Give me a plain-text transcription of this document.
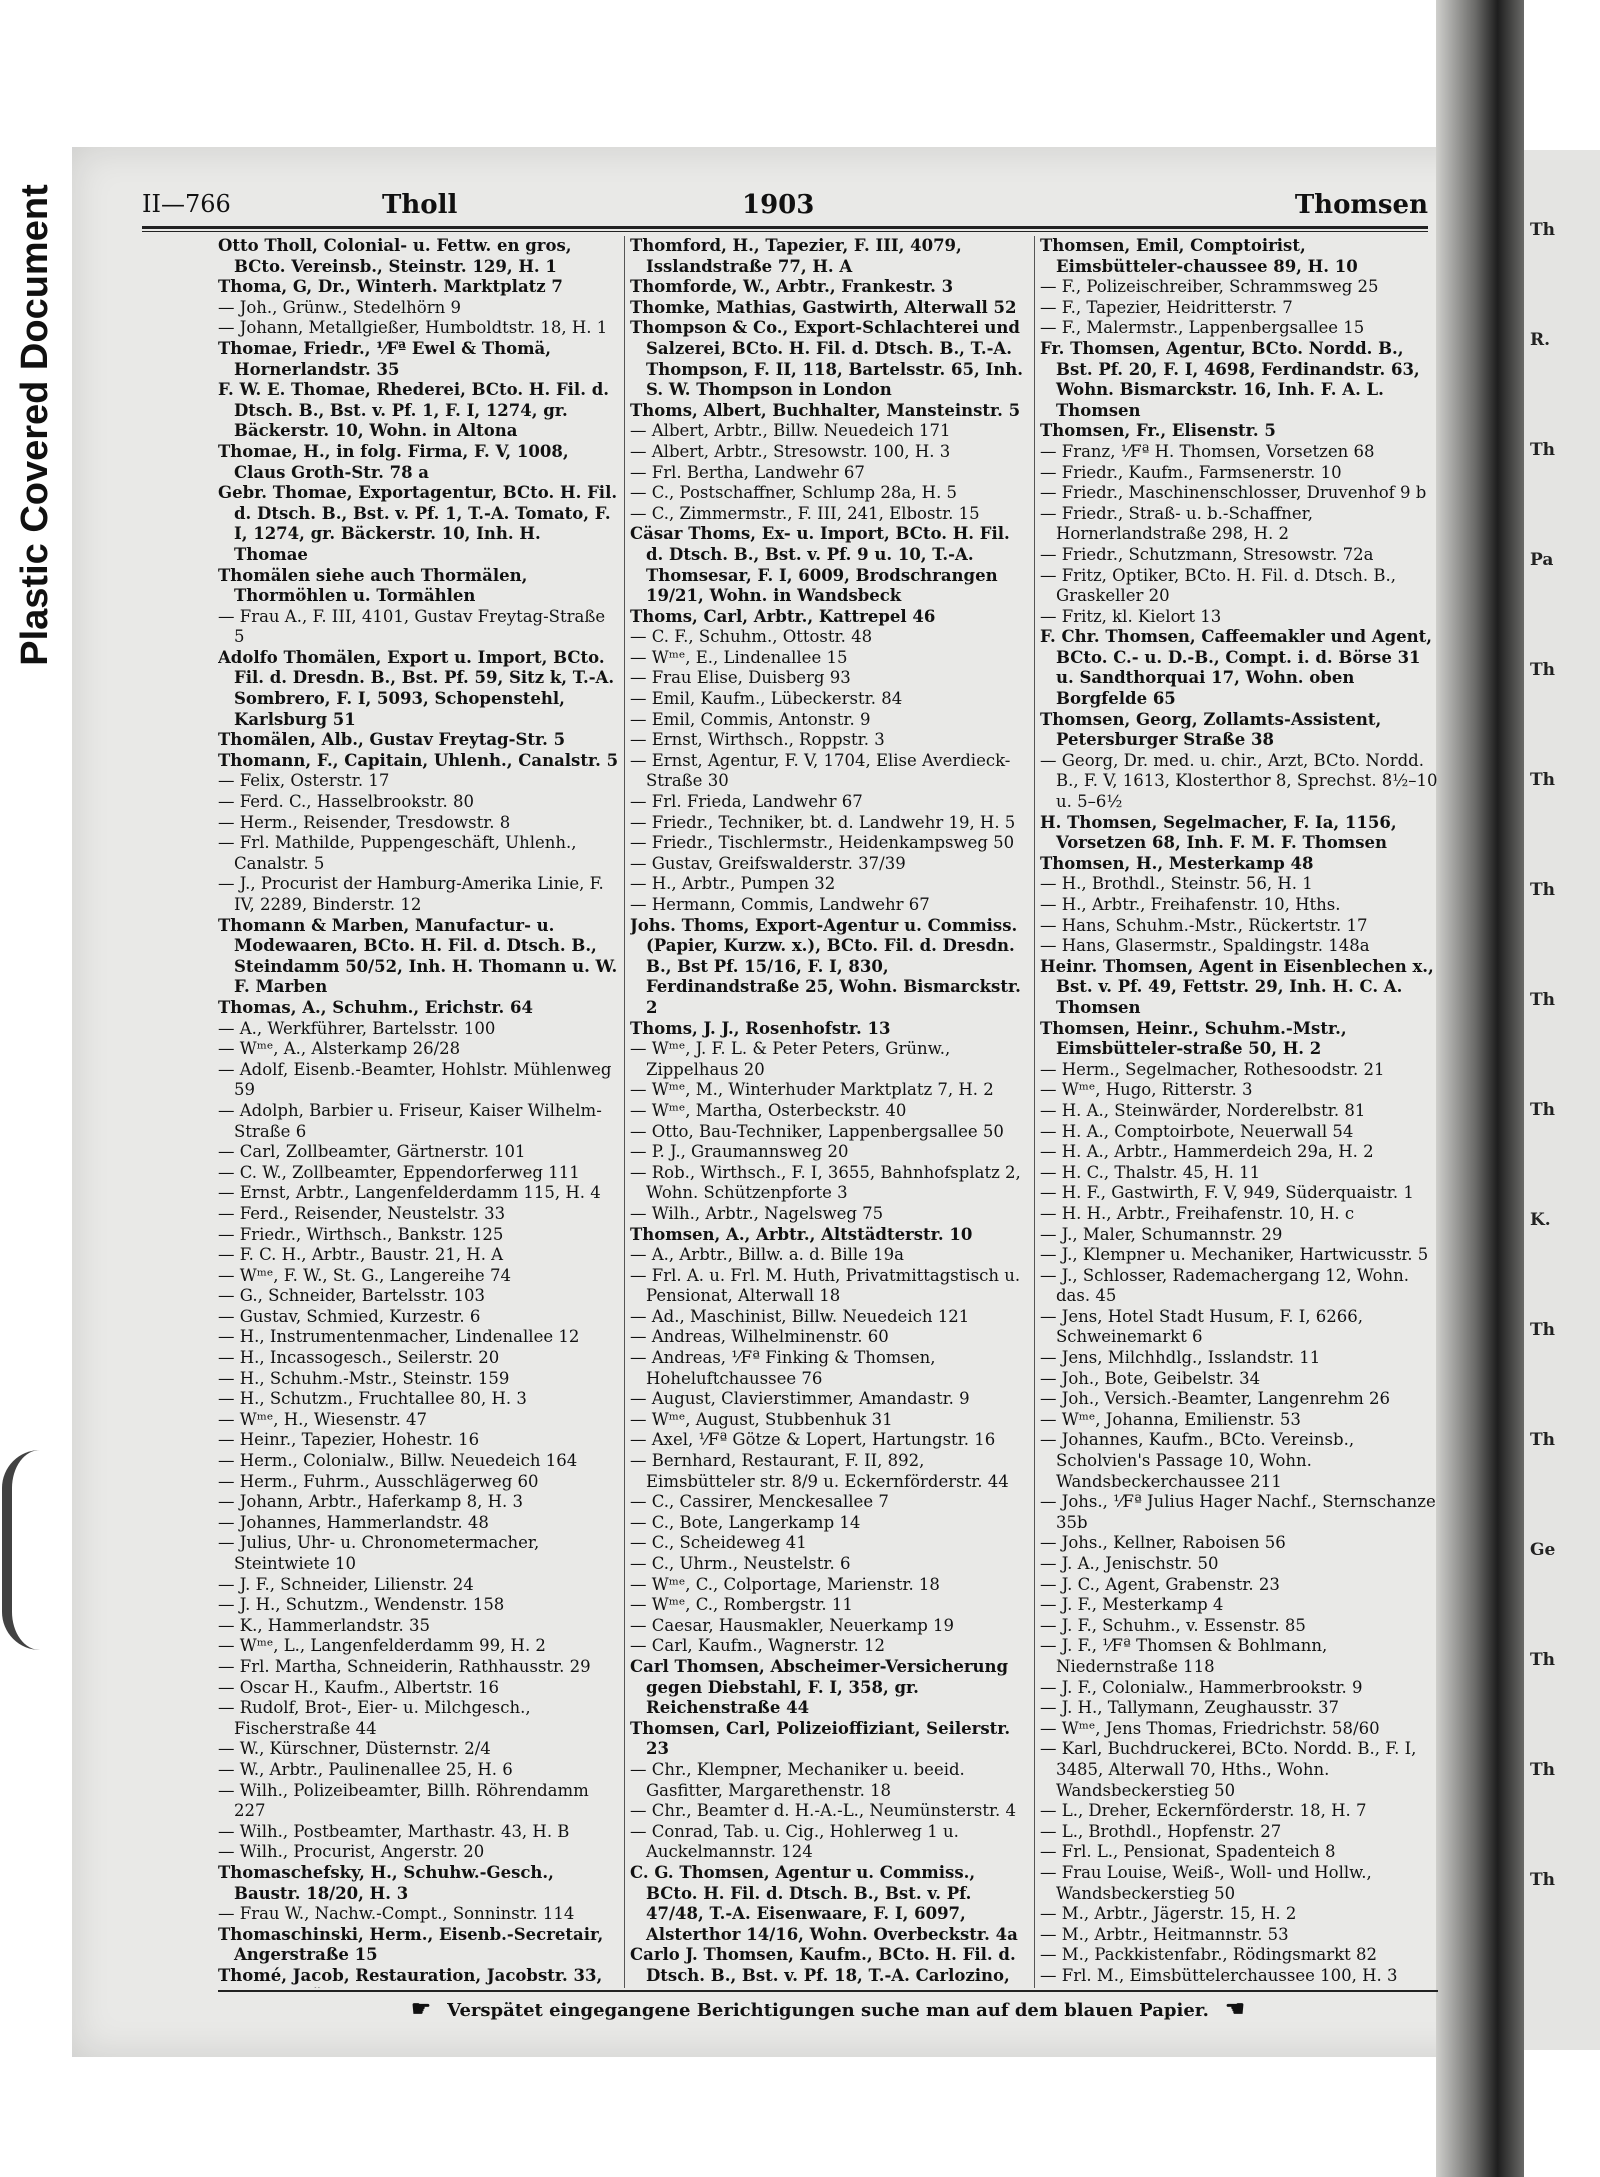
Plastic Covered Document	Th
R.
Th
Pa
Th
Th
Th
Th
Th
K.
Th
Th
Ge
Th
Th
Th
II—766	Tholl	1903	Thomsen

Otto Tholl, Colonial- u. Fettw. en gros, BCto. Vereinsb., Steinstr. 129, H. 1

Thoma, G, Dr., Winterh. Marktplatz 7

— Joh., Grünw., Stedelhörn 9

— Johann, Metallgießer, Humboldtstr. 18, H. 1

Thomae, Friedr., ⅟Fª Ewel & Thomä, Hornerlandstr. 35

F. W. E. Thomae, Rhederei, BCto. H. Fil. d. Dtsch. B., Bst. v. Pf. 1, F. I, 1274, gr. Bäckerstr. 10, Wohn. in Altona

Thomae, H., in folg. Firma, F. V, 1008, Claus Groth-Str. 78 a

Gebr. Thomae, Exportagentur, BCto. H. Fil. d. Dtsch. B., Bst. v. Pf. 1, T.-A. Tomato, F. I, 1274, gr. Bäckerstr. 10, Inh. H. Thomae

Thomälen siehe auch Thormälen, Thormöhlen u. Tormählen

— Frau A., F. III, 4101, Gustav Freytag-Straße 5

Adolfo Thomälen, Export u. Import, BCto. Fil. d. Dresdn. B., Bst. Pf. 59, Sitz k, T.-A. Sombrero, F. I, 5093, Schopenstehl, Karlsburg 51

Thomälen, Alb., Gustav Freytag-Str. 5

Thomann, F., Capitain, Uhlenh., Canalstr. 5

— Felix, Osterstr. 17

— Ferd. C., Hasselbrookstr. 80

— Herm., Reisender, Tresdowstr. 8

— Frl. Mathilde, Puppengeschäft, Uhlenh., Canalstr. 5

— J., Procurist der Hamburg-Amerika Linie, F. IV, 2289, Binderstr. 12

Thomann & Marben, Manufactur- u. Modewaaren, BCto. H. Fil. d. Dtsch. B., Steindamm 50/52, Inh. H. Thomann u. W. F. Marben

Thomas, A., Schuhm., Erichstr. 64

— A., Werkführer, Bartelsstr. 100

— Wᵐᵉ, A., Alsterkamp 26/28

— Adolf, Eisenb.-Beamter, Hohlstr. Mühlenweg 59

— Adolph, Barbier u. Friseur, Kaiser Wilhelm-Straße 6

— Carl, Zollbeamter, Gärtnerstr. 101

— C. W., Zollbeamter, Eppendorferweg 111

— Ernst, Arbtr., Langenfelderdamm 115, H. 4

— Ferd., Reisender, Neustelstr. 33

— Friedr., Wirthsch., Bankstr. 125

— F. C. H., Arbtr., Baustr. 21, H. A

— Wᵐᵉ, F. W., St. G., Langereihe 74

— G., Schneider, Bartelsstr. 103

— Gustav, Schmied, Kurzestr. 6

— H., Instrumentenmacher, Lindenallee 12

— H., Incassogesch., Seilerstr. 20

— H., Schuhm.-Mstr., Steinstr. 159

— H., Schutzm., Fruchtallee 80, H. 3

— Wᵐᵉ, H., Wiesenstr. 47

— Heinr., Tapezier, Hohestr. 16

— Herm., Colonialw., Billw. Neuedeich 164

— Herm., Fuhrm., Ausschlägerweg 60

— Johann, Arbtr., Haferkamp 8, H. 3

— Johannes, Hammerlandstr. 48

— Julius, Uhr- u. Chronometermacher, Steintwiete 10

— J. F., Schneider, Lilienstr. 24

— J. H., Schutzm., Wendenstr. 158

— K., Hammerlandstr. 35

— Wᵐᵉ, L., Langenfelderdamm 99, H. 2

— Frl. Martha, Schneiderin, Rathhausstr. 29

— Oscar H., Kaufm., Albertstr. 16

— Rudolf, Brot-, Eier- u. Milchgesch., Fischerstraße 44

— W., Kürschner, Düsternstr. 2/4

— W., Arbtr., Paulinenallee 25, H. 6

— Wilh., Polizeibeamter, Billh. Röhrendamm 227

— Wilh., Postbeamter, Marthastr. 43, H. B

— Wilh., Procurist, Angerstr. 20

Thomaschefsky, H., Schuhw.-Gesch., Baustr. 18/20, H. 3

— Frau W., Nachw.-Compt., Sonninstr. 114

Thomaschinski, Herm., Eisenb.-Secretair, Angerstraße 15

Thomé, Jacob, Restauration, Jacobstr. 33,

Thomford, H., Tapezier, F. III, 4079, Isslandstraße 77, H. A

Thomforde, W., Arbtr., Frankestr. 3

Thomke, Mathias, Gastwirth, Alterwall 52

Thompson & Co., Export-Schlachterei und Salzerei, BCto. H. Fil. d. Dtsch. B., T.-A. Thompson, F. II, 118, Bartelsstr. 65, Inh. S. W. Thompson in London

Thoms, Albert, Buchhalter, Mansteinstr. 5

— Albert, Arbtr., Billw. Neuedeich 171

— Albert, Arbtr., Stresowstr. 100, H. 3

— Frl. Bertha, Landwehr 67

— C., Postschaffner, Schlump 28a, H. 5

— C., Zimmermstr., F. III, 241, Elbostr. 15

Cäsar Thoms, Ex- u. Import, BCto. H. Fil. d. Dtsch. B., Bst. v. Pf. 9 u. 10, T.-A. Thomsesar, F. I, 6009, Brodschrangen 19/21, Wohn. in Wandsbeck

Thoms, Carl, Arbtr., Kattrepel 46

— C. F., Schuhm., Ottostr. 48

— Wᵐᵉ, E., Lindenallee 15

— Frau Elise, Duisberg 93

— Emil, Kaufm., Lübeckerstr. 84

— Emil, Commis, Antonstr. 9

— Ernst, Wirthsch., Roppstr. 3

— Ernst, Agentur, F. V, 1704, Elise Averdieck-Straße 30

— Frl. Frieda, Landwehr 67

— Friedr., Techniker, bt. d. Landwehr 19, H. 5

— Friedr., Tischlermstr., Heidenkampsweg 50

— Gustav, Greifswalderstr. 37/39

— H., Arbtr., Pumpen 32

— Hermann, Commis, Landwehr 67

Johs. Thoms, Export-Agentur u. Commiss. (Papier, Kurzw. x.), BCto. Fil. d. Dresdn. B., Bst Pf. 15/16, F. I, 830, Ferdinandstraße 25, Wohn. Bismarckstr. 2

Thoms, J. J., Rosenhofstr. 13

— Wᵐᵉ, J. F. L. & Peter Peters, Grünw., Zippelhaus 20

— Wᵐᵉ, M., Winterhuder Marktplatz 7, H. 2

— Wᵐᵉ, Martha, Osterbeckstr. 40

— Otto, Bau-Techniker, Lappenbergsallee 50

— P. J., Graumannsweg 20

— Rob., Wirthsch., F. I, 3655, Bahnhofsplatz 2, Wohn. Schützenpforte 3

— Wilh., Arbtr., Nagelsweg 75

Thomsen, A., Arbtr., Altstädterstr. 10

— A., Arbtr., Billw. a. d. Bille 19a

— Frl. A. u. Frl. M. Huth, Privatmittagstisch u. Pensionat, Alterwall 18

— Ad., Maschinist, Billw. Neuedeich 121

— Andreas, Wilhelminenstr. 60

— Andreas, ⅟Fª Finking & Thomsen, Hoheluftchaussee 76

— August, Clavierstimmer, Amandastr. 9

— Wᵐᵉ, August, Stubbenhuk 31

— Axel, ⅟Fª Götze & Lopert, Hartungstr. 16

— Bernhard, Restaurant, F. II, 892, Eimsbütteler str. 8/9 u. Eckernförderstr. 44

— C., Cassirer, Menckesallee 7

— C., Bote, Langerkamp 14

— C., Scheideweg 41

— C., Uhrm., Neustelstr. 6

— Wᵐᵉ, C., Colportage, Marienstr. 18

— Wᵐᵉ, C., Rombergstr. 11

— Caesar, Hausmakler, Neuerkamp 19

— Carl, Kaufm., Wagnerstr. 12

Carl Thomsen, Abscheimer-Versicherung gegen Diebstahl, F. I, 358, gr. Reichenstraße 44

Thomsen, Carl, Polizeioffiziant, Seilerstr. 23

— Chr., Klempner, Mechaniker u. beeid. Gasfitter, Margarethenstr. 18

— Chr., Beamter d. H.-A.-L., Neumünsterstr. 4

— Conrad, Tab. u. Cig., Hohlerweg 1 u. Auckelmannstr. 124

C. G. Thomsen, Agentur u. Commiss., BCto. H. Fil. d. Dtsch. B., Bst. v. Pf. 47/48, T.-A. Eisenwaare, F. I, 6097, Alsterthor 14/16, Wohn. Overbeckstr. 4a

Carlo J. Thomsen, Kaufm., BCto. H. Fil. d. Dtsch. B., Bst. v. Pf. 18, T.-A. Carlozino,

Thomsen, Emil, Comptoirist, Eimsbütteler-chaussee 89, H. 10

— F., Polizeischreiber, Schrammsweg 25

— F., Tapezier, Heidritterstr. 7

— F., Malermstr., Lappenbergsallee 15

Fr. Thomsen, Agentur, BCto. Nordd. B., Bst. Pf. 20, F. I, 4698, Ferdinandstr. 63, Wohn. Bismarckstr. 16, Inh. F. A. L. Thomsen

Thomsen, Fr., Elisenstr. 5

— Franz, ⅟Fª H. Thomsen, Vorsetzen 68

— Friedr., Kaufm., Farmsenerstr. 10

— Friedr., Maschinenschlosser, Druvenhof 9 b

— Friedr., Straß- u. b.-Schaffner, Hornerlandstraße 298, H. 2

— Friedr., Schutzmann, Stresowstr. 72a

— Fritz, Optiker, BCto. H. Fil. d. Dtsch. B., Graskeller 20

— Fritz, kl. Kielort 13

F. Chr. Thomsen, Caffeemakler und Agent, BCto. C.- u. D.-B., Compt. i. d. Börse 31 u. Sandthorquai 17, Wohn. oben Borgfelde 65

Thomsen, Georg, Zollamts-Assistent, Petersburger Straße 38

— Georg, Dr. med. u. chir., Arzt, BCto. Nordd. B., F. V, 1613, Klosterthor 8, Sprechst. 8½–10 u. 5–6½

H. Thomsen, Segelmacher, F. Ia, 1156, Vorsetzen 68, Inh. F. M. F. Thomsen

Thomsen, H., Mesterkamp 48

— H., Brothdl., Steinstr. 56, H. 1

— H., Arbtr., Freihafenstr. 10, Hths.

— Hans, Schuhm.-Mstr., Rückertstr. 17

— Hans, Glasermstr., Spaldingstr. 148a

Heinr. Thomsen, Agent in Eisenblechen x., Bst. v. Pf. 49, Fettstr. 29, Inh. H. C. A. Thomsen

Thomsen, Heinr., Schuhm.-Mstr., Eimsbütteler-straße 50, H. 2

— Herm., Segelmacher, Rothesoodstr. 21

— Wᵐᵉ, Hugo, Ritterstr. 3

— H. A., Steinwärder, Norderelbstr. 81

— H. A., Comptoirbote, Neuerwall 54

— H. A., Arbtr., Hammerdeich 29a, H. 2

— H. C., Thalstr. 45, H. 11

— H. F., Gastwirth, F. V, 949, Süderquaistr. 1

— H. H., Arbtr., Freihafenstr. 10, H. c

— J., Maler, Schumannstr. 29

— J., Klempner u. Mechaniker, Hartwicusstr. 5

— J., Schlosser, Rademachergang 12, Wohn. das. 45

— Jens, Hotel Stadt Husum, F. I, 6266, Schweinemarkt 6

— Jens, Milchhdlg., Isslandstr. 11

— Joh., Bote, Geibelstr. 34

— Joh., Versich.-Beamter, Langenrehm 26

— Wᵐᵉ, Johanna, Emilienstr. 53

— Johannes, Kaufm., BCto. Vereinsb., Scholvien's Passage 10, Wohn. Wandsbeckerchaussee 211

— Johs., ⅟Fª Julius Hager Nachf., Sternschanze 35b

— Johs., Kellner, Raboisen 56

— J. A., Jenischstr. 50

— J. C., Agent, Grabenstr. 23

— J. F., Mesterkamp 4

— J. F., Schuhm., v. Essenstr. 85

— J. F., ⅟Fª Thomsen & Bohlmann, Niedernstraße 118

— J. F., Colonialw., Hammerbrookstr. 9

— J. H., Tallymann, Zeughausstr. 37

— Wᵐᵉ, Jens Thomas, Friedrichstr. 58/60

— Karl, Buchdruckerei, BCto. Nordd. B., F. I, 3485, Alterwall 70, Hths., Wohn. Wandsbeckerstieg 50

— L., Dreher, Eckernförderstr. 18, H. 7

— L., Brothdl., Hopfenstr. 27

— Frl. L., Pensionat, Spadenteich 8

— Frau Louise, Weiß-, Woll- und Hollw., Wandsbeckerstieg 50

— M., Arbtr., Jägerstr. 15, H. 2

— M., Arbtr., Heitmannstr. 53

— M., Packkistenfabr., Rödingsmarkt 82

— Frl. M., Eimsbüttelerchaussee 100, H. 3

☛ Verspätet eingegangene Berichtigungen suche man auf dem blauen Papier. ☚
